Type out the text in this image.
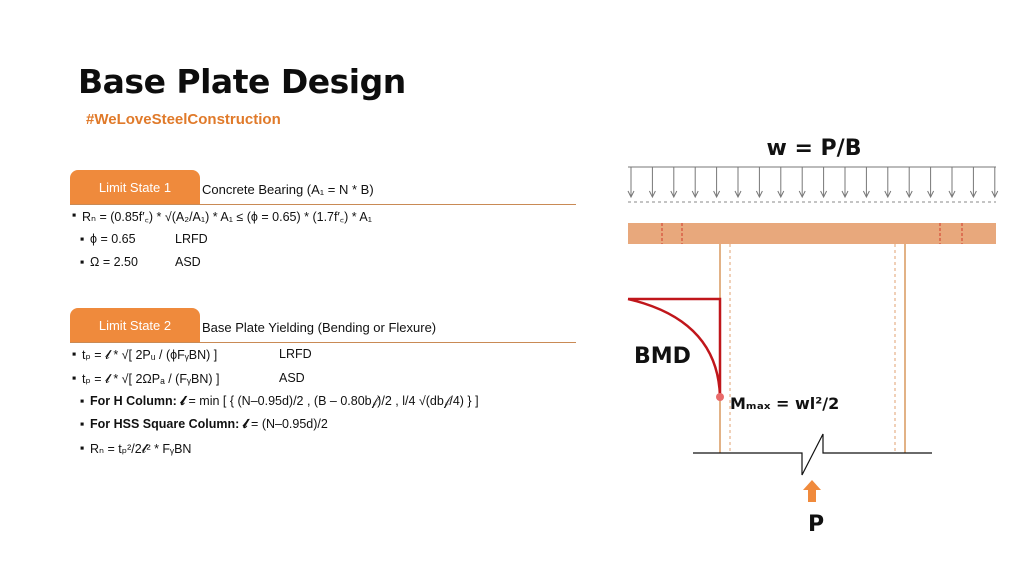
Base Plate Design
#WeLoveSteelConstruction
Limit State 1	Concrete Bearing (A₁ = N * B)
▪ Rₙ = (0.85f′꜀) * √(A₂/A₁) * A₁ ≤ (ϕ = 0.65) * (1.7f′꜀) * A₁
▪ ϕ = 0.65	LRFD
▪ Ω = 2.50	ASD
Limit State 2	Base Plate Yielding (Bending or Flexure)
▪ tₚ = 𝓵 * √[ 2Pᵤ / (ϕFᵧBN) ]	LRFD
▪ tₚ = 𝓵 * √[ 2ΩPₐ / (FᵧBN) ]	ASD
▪ For H Column: 𝓵 = min [ { (N–0.95d)/2 , (B – 0.80b𝒻)/2 , l/4 √(db𝒻/4) } ]
▪ For HSS Square Column: 𝓵 = (N–0.95d)/2
▪ Rₙ = tₚ²/2𝓵² * FᵧBN
w = P/B
BMD
Mₘₐₓ = wl²/2
P
